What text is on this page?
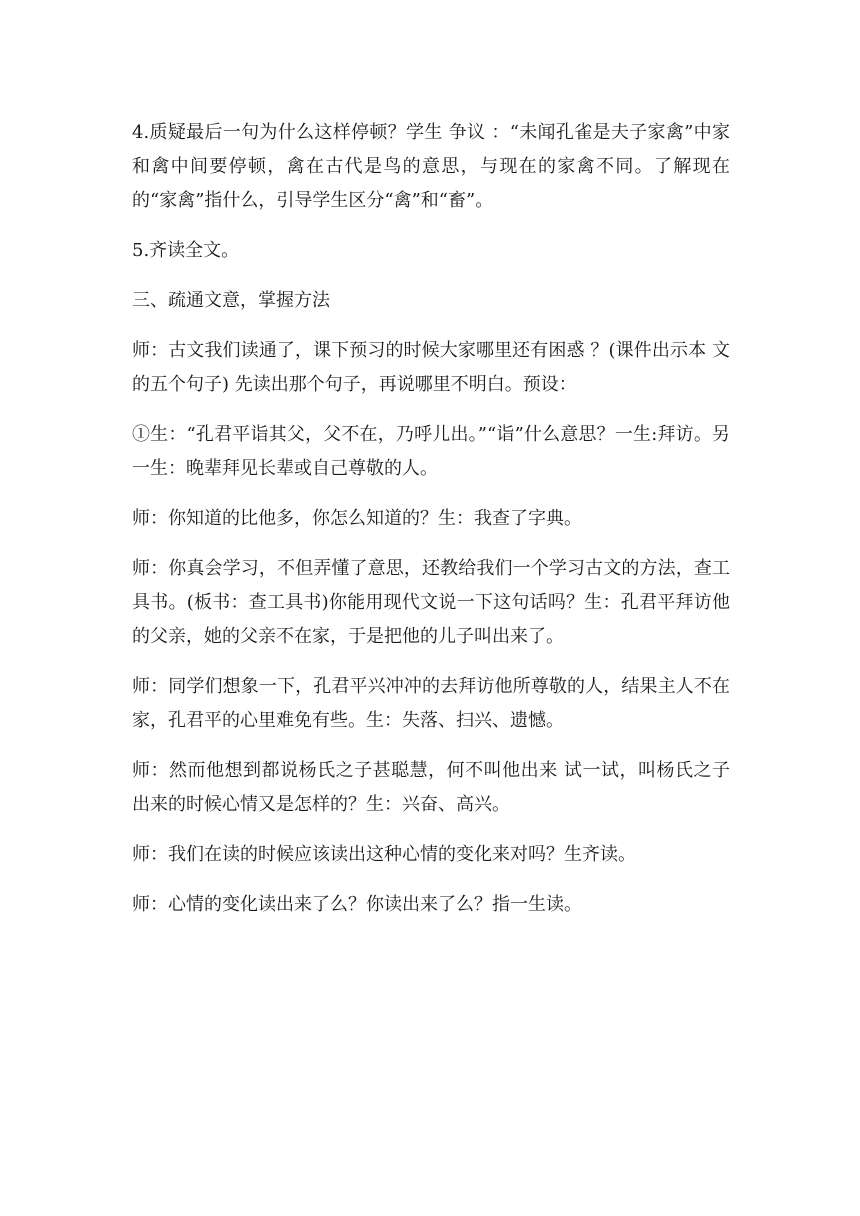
4.质疑最后一句为什么这样停顿？学生 争议 ：“未闻孔雀是夫子家禽”中家和禽中间要停顿，禽在古代是鸟的意思，与现在的家禽不同。了解现在的“家禽”指什么，引导学生区分“禽”和“畜”。

5.齐读全文。

三、疏通文意，掌握方法

师：古文我们读通了，课下预习的时候大家哪里还有困惑 ？(课件出示本 文的五个句子) 先读出那个句子，再说哪里不明白。预设：

①生：“孔君平诣其父，父不在，乃呼儿出。”“诣”什么意思？一生:拜访。另一生：晚辈拜见长辈或自己尊敬的人。

师：你知道的比他多，你怎么知道的？生：我查了字典。

师：你真会学习，不但弄懂了意思，还教给我们一个学习古文的方法，查工具书。(板书：查工具书)你能用现代文说一下这句话吗？生：孔君平拜访他的父亲，她的父亲不在家，于是把他的儿子叫出来了。

师：同学们想象一下，孔君平兴冲冲的去拜访他所尊敬的人，结果主人不在家，孔君平的心里难免有些。生：失落、扫兴、遗憾。

师：然而他想到都说杨氏之子甚聪慧，何不叫他出来 试一试，叫杨氏之子出来的时候心情又是怎样的？生：兴奋、高兴。

师：我们在读的时候应该读出这种心情的变化来对吗？生齐读。

师：心情的变化读出来了么？你读出来了么？指一生读。
